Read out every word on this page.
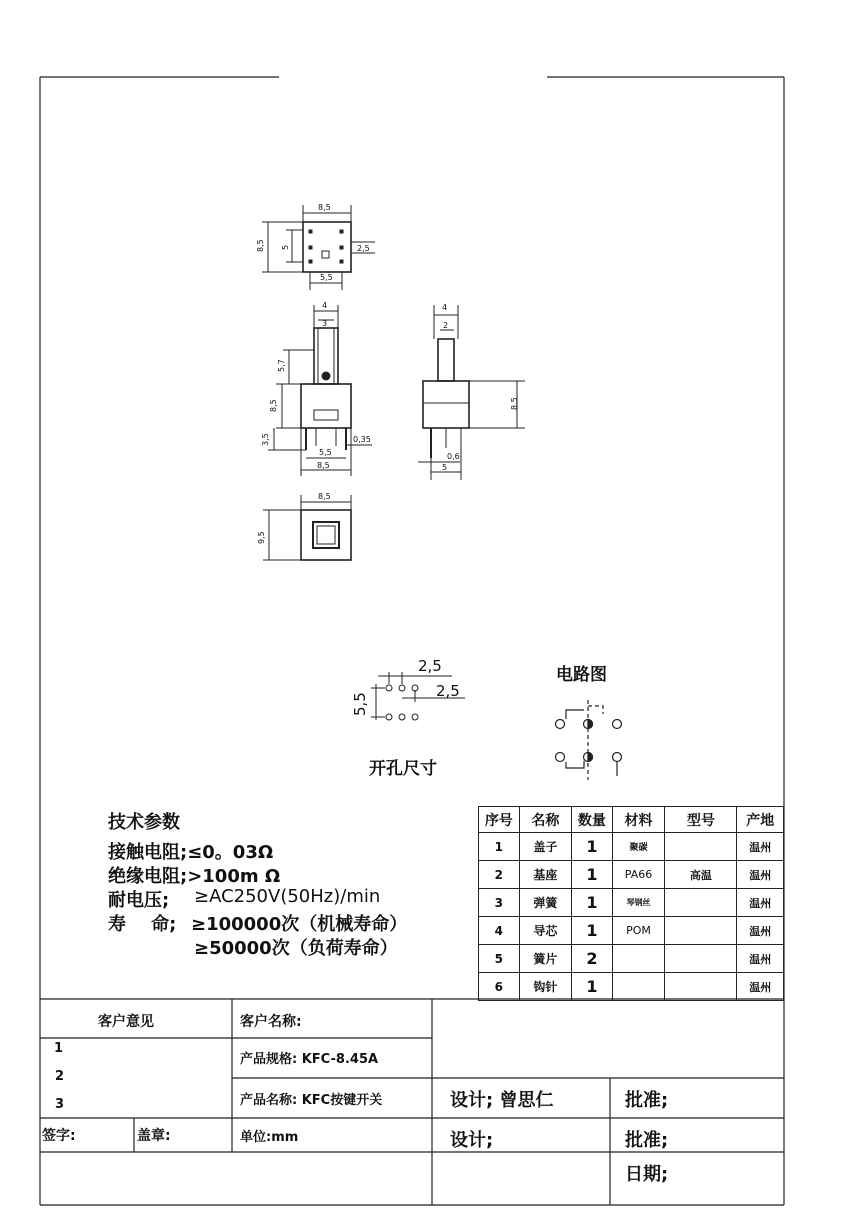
8,5
8,5 5	2,5
5,5
4
3
5,7
8,5
3,5	0,35
5,5
8,5
4
2
8,5
0,6
5
8,5
9,5
2,5
5,5
2,5
开孔尺寸
电路图
技术参数
接触电阻;≤0。03Ω
绝缘电阻;>100m Ω
耐电压; ≥AC250V(50Hz)/min
寿    命; ≥100000次（机械寿命）
≥50000次（负荷寿命）
序号	名称	数量	材料	型号	产地
1	盖子	1	聚碳		温州
2	基座	1	PA66	高温	温州
3	弹簧	1	琴钢丝		温州
4	导芯	1	POM		温州
5	簧片	2			温州
6	钩针	1			温州
客户意见
1
2
3
签字:	盖章:
客户名称:
产品规格: KFC-8.45A
产品名称: KFC按键开关
单位:mm
设计; 曾思仁
设计;
批准;
批准;
日期;
